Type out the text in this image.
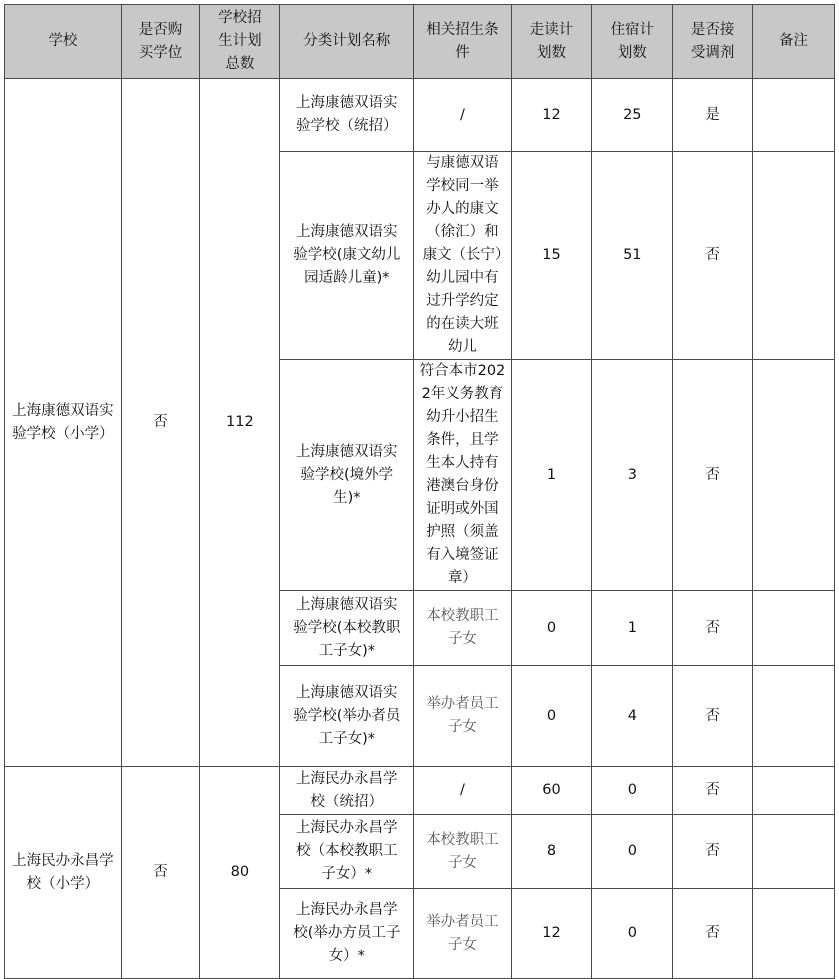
学校	是否购买学位	学校招生计划总数	分类计划名称	相关招生条件	走读计划数	住宿计划数	是否接受调剂	备注
上海康德双语实验学校（小学）	否	112	上海康德双语实验学校（统招）	/	12	25	是	
			上海康德双语实验学校(康文幼儿园适龄儿童)*	与康德双语学校同一举办人的康文（徐汇）和康文（长宁）幼儿园中有过升学约定的在读大班幼儿	15	51	否	
			上海康德双语实验学校(境外学生)*	符合本市2022年义务教育幼升小招生条件，且学生本人持有港澳台身份证明或外国护照（须盖有入境签证章）	1	3	否	
			上海康德双语实验学校(本校教职工子女)*	本校教职工子女	0	1	否	
			上海康德双语实验学校(举办者员工子女)*	举办者员工子女	0	4	否	
上海民办永昌学校（小学）	否	80	上海民办永昌学校（统招）	/	60	0	否	
			上海民办永昌学校（本校教职工子女）*	本校教职工子女	8	0	否	
			上海民办永昌学校(举办方员工子女）*	举办者员工子女	12	0	否	
